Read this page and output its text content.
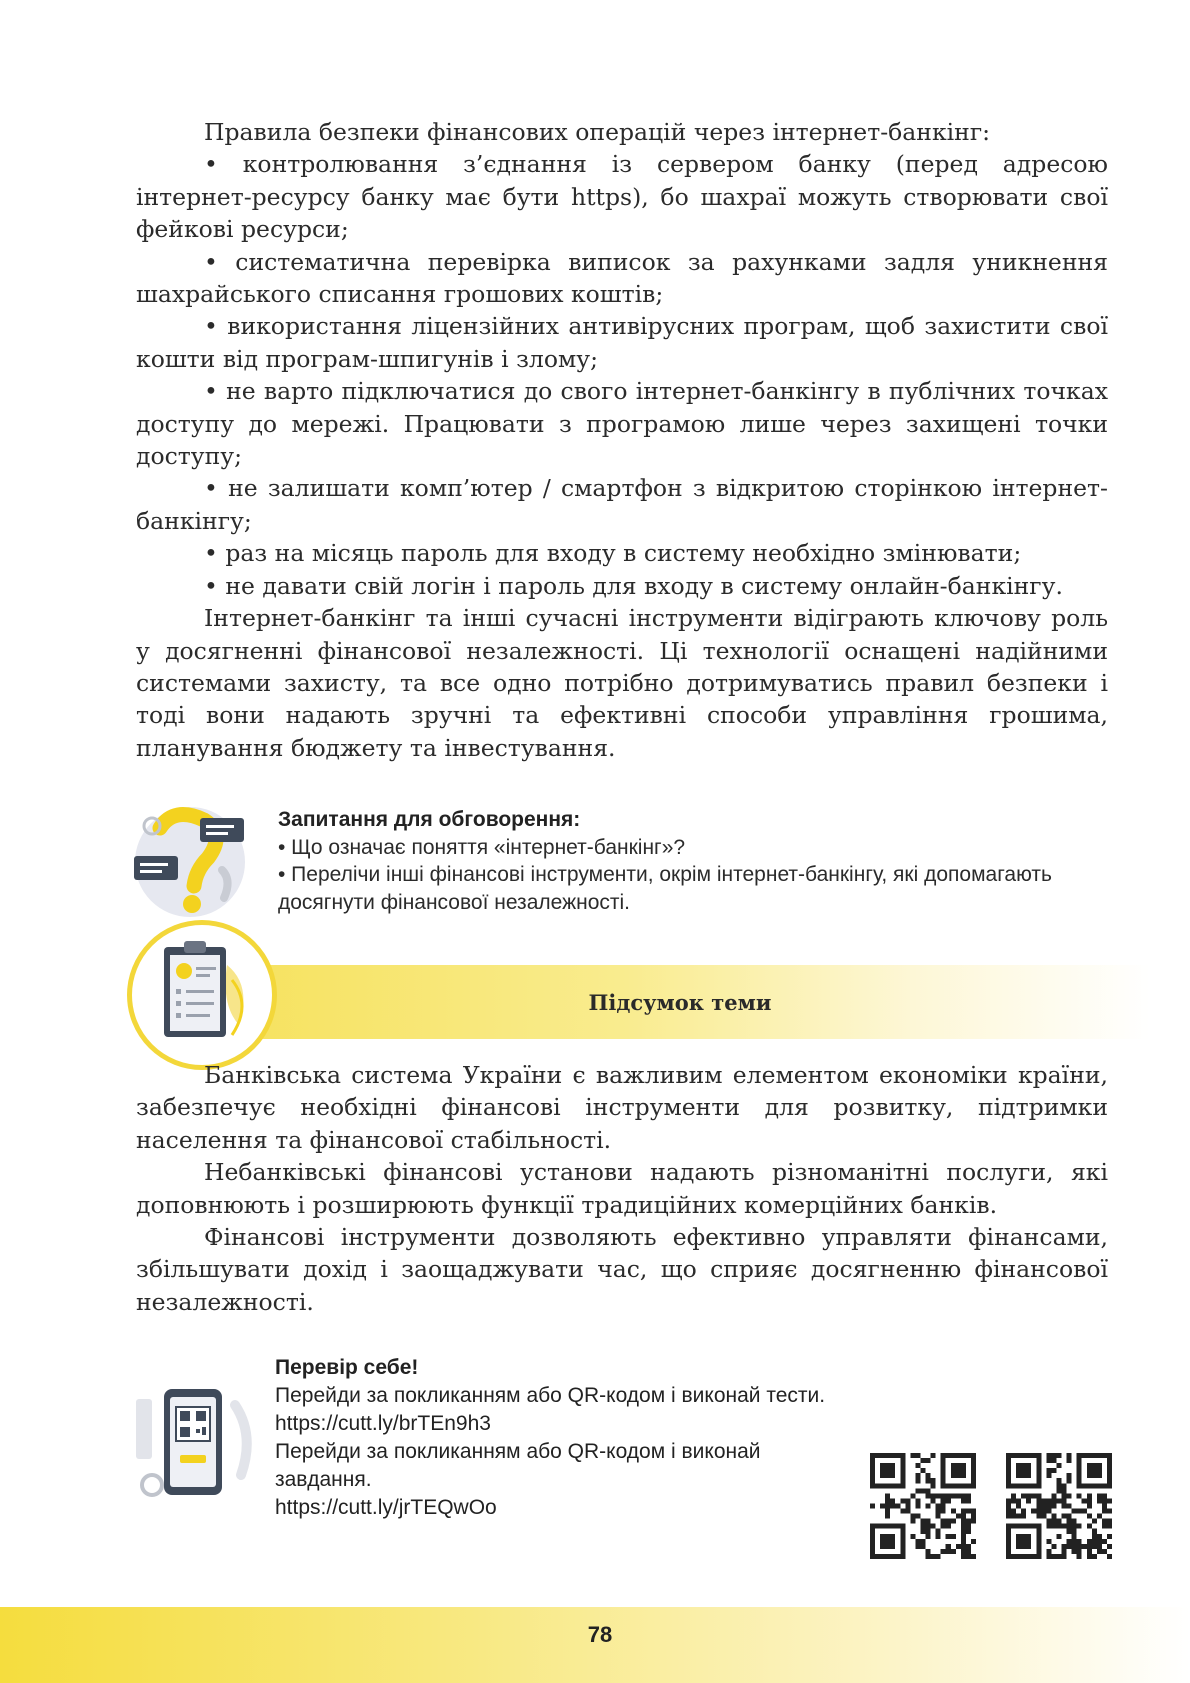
Правила безпеки фінансових операцій через інтернет-банкінг:

• контролювання з’єднання із сервером банку (перед адресою інтернет-ресурсу банку має бути https), бо шахраї можуть створювати свої фейкові ресурси;

• систематична перевірка виписок за рахунками задля уникнення шахрайського списання грошових коштів;

• використання ліцензійних антивірусних програм, щоб захистити свої кошти від програм-шпигунів і злому;

• не варто підключатися до свого інтернет-банкінгу в публічних точках доступу до мережі. Працювати з програмою лише через захищені точки доступу;

• не залишати комп’ютер / смартфон з відкритою сторінкою інтернет-банкінгу;

• раз на місяць пароль для входу в систему необхідно змінювати;

• не давати свій логін і пароль для входу в систему онлайн-банкінгу.

Інтернет-банкінг та інші сучасні інструменти відіграють ключову роль у досягненні фінансової незалежності. Ці технології оснащені надійними системами захисту, та все одно потрібно дотримуватись правил безпеки і тоді вони надають зручні та ефективні способи управління грошима, планування бюджету та інвестування.

Запитання для обговорення:
• Що означає поняття «інтернет-банкінг»?
• Перелічи інші фінансові інструменти, окрім інтернет-банкінгу, які допомагають досягнути фінансової незалежності.
Підсумок теми

Банківська система України є важливим елементом економіки країни, забезпечує необхідні фінансові інструменти для розвитку, підтримки населення та фінансової стабільності.

Небанківські фінансові установи надають різноманітні послуги, які доповнюють і розширюють функції традиційних комерційних банків.

Фінансові інструменти дозволяють ефективно управляти фінансами, збільшувати дохід і заощаджувати час, що сприяє досягненню фінансової незалежності.

Перевір себе!
Перейди за покликанням або QR-кодом і виконай тести.
https://cutt.ly/brTEn9h3
Перейди за покликанням або QR-кодом і виконай завдання.
https://cutt.ly/jrTEQwOo
78
